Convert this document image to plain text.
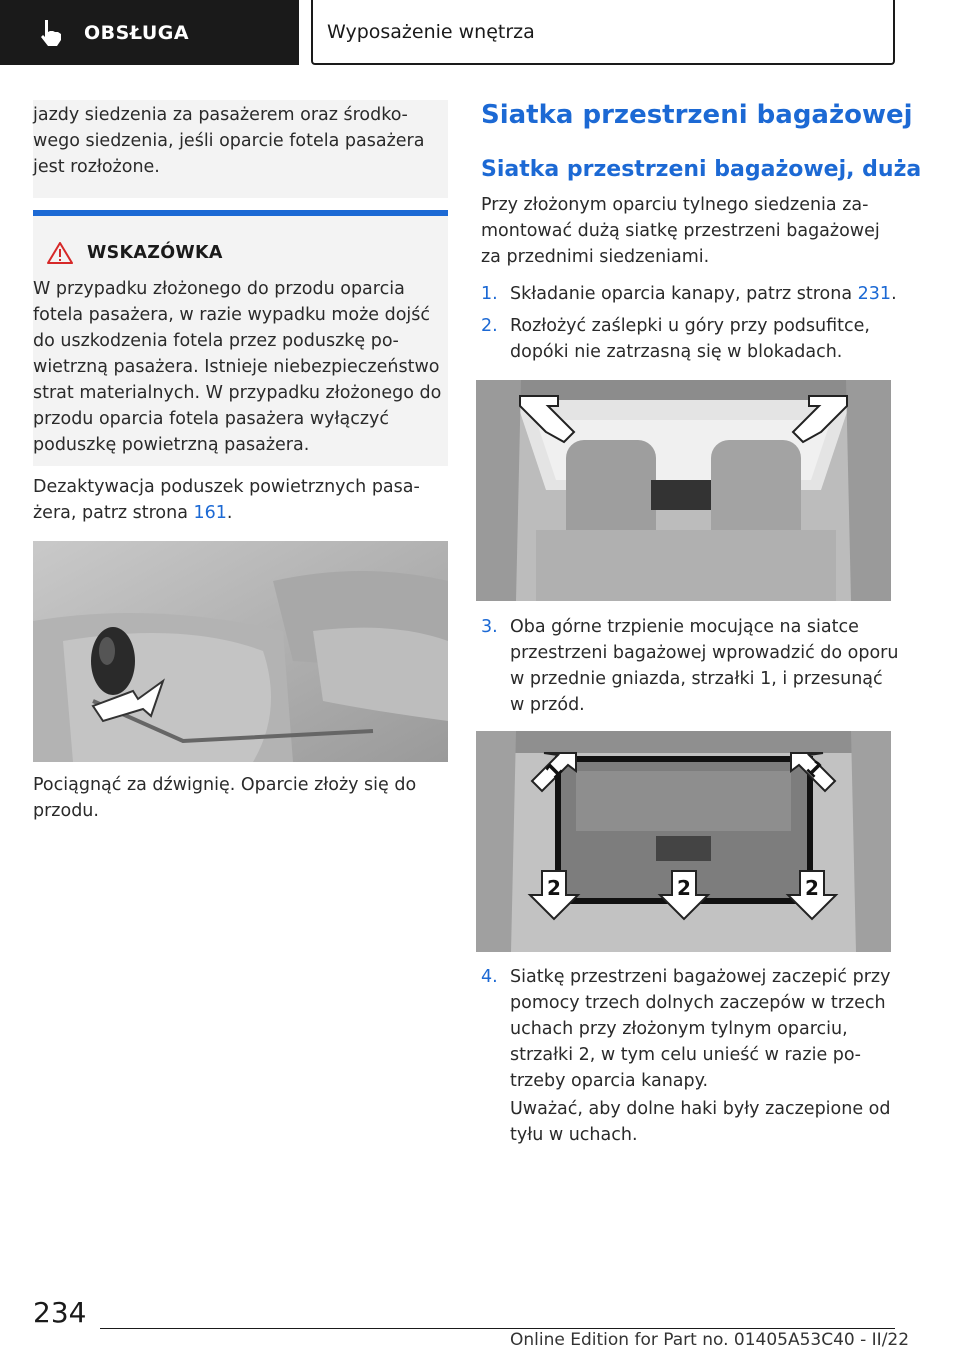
OBSŁUGA	Wyposażenie wnętrza

jazdy siedzenia za pasażerem oraz środkowego siedzenia, jeśli oparcie fotela pasażera jest rozłożone.

WSKAZÓWKA

W przypadku złożonego do przodu oparcia fotela pasażera, w razie wypadku może dojść do uszkodzenia fotela przez poduszkę powietrzną pasażera. Istnieje niebezpieczeństwo strat materialnych. W przypadku złożonego do przodu oparcia fotela pasażera wyłączyć poduszkę powietrzną pasażera.

Dezaktywacja poduszek powietrznych pasażera, patrz strona 161.

Pociągnąć za dźwignię. Oparcie złoży się do przodu.

Siatka przestrzeni bagażowej
Siatka przestrzeni bagażowej, duża

Przy złożonym oparciu tylnego siedzenia zamontować dużą siatkę przestrzeni bagażowej za przednimi siedzeniami.

1. Składanie oparcia kanapy, patrz strona 231.
2. Rozłożyć zaślepki u góry przy podsufitce, dopóki nie zatrzasną się w blokadach.
3. Oba górne trzpienie mocujące na siatce przestrzeni bagażowej wprowadzić do oporu w przednie gniazda, strzałki 1, i przesunąć w przód.
1	1
2	2	2
4. Siatkę przestrzeni bagażowej zaczepić przy pomocy trzech dolnych zaczepów w trzech uchach przy złożonym tylnym oparciu, strzałki 2, w tym celu unieść w razie potrzeby oparcia kanapy.

Uważać, aby dolne haki były zaczepione od tyłu w uchach.

234
Online Edition for Part no. 01405A53C40 - II/22
